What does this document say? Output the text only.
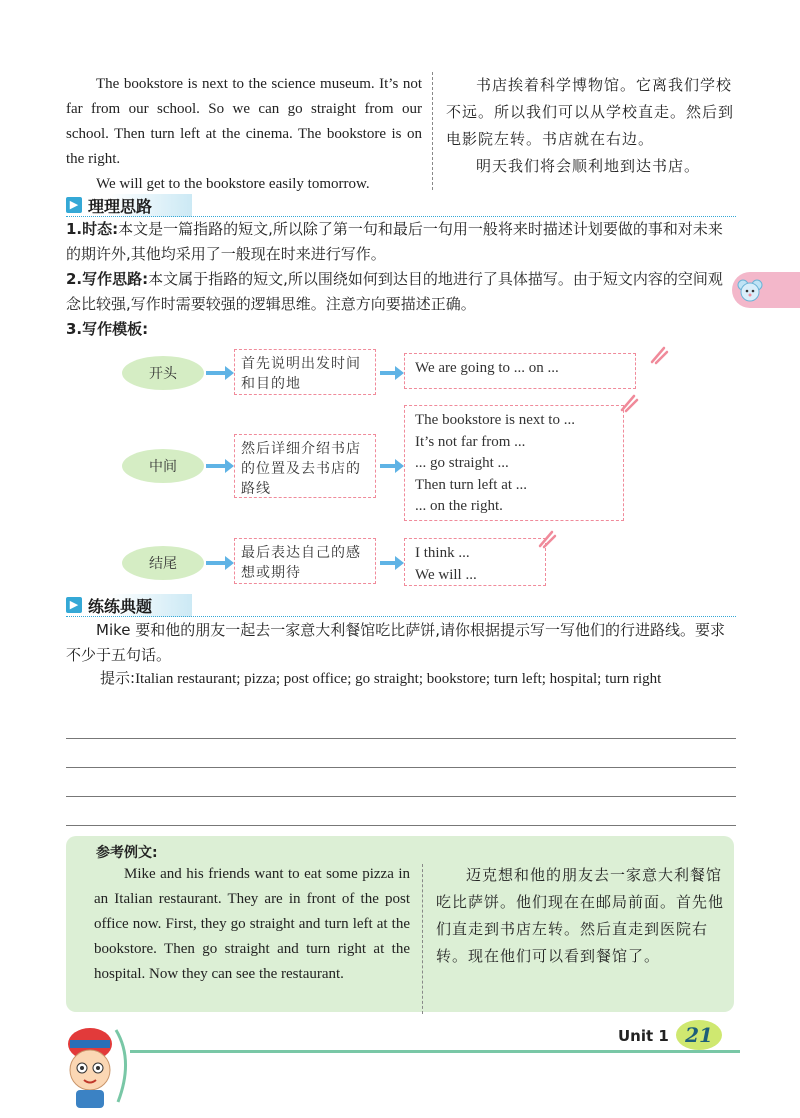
The bookstore is next to the science museum. It’s not far from our school. So we can go straight from our school. Then turn left at the cinema. The bookstore is on the right.

We will get to the bookstore easily tomorrow.

书店挨着科学博物馆。它离我们学校不远。所以我们可以从学校直走。然后到电影院左转。书店就在右边。

明天我们将会顺利地到达书店。

▶ 理理思路

1.时态:本文是一篇指路的短文,所以除了第一句和最后一句用一般将来时描述计划要做的事和对未来的期许外,其他均采用了一般现在时来进行写作。

2.写作思路:本文属于指路的短文,所以围绕如何到达目的地进行了具体描写。由于短文内容的空间观念比较强,写作时需要较强的逻辑思维。注意方向要描述正确。

3.写作模板:

开头
首先说明出发时间和目的地
We are going to ... on ...
中间
然后详细介绍书店的位置及去书店的路线
The bookstore is next to ...
It’s not far from ...
... go straight ...
Then turn left at ...
... on the right.
结尾
最后表达自己的感想或期待
I think ...
We will ...
▶ 练练典题

Mike 要和他的朋友一起去一家意大利餐馆吃比萨饼,请你根据提示写一写他们的行进路线。要求不少于五句话。

提示:Italian restaurant; pizza; post office; go straight; bookstore; turn left; hospital; turn right
参考例文:

Mike and his friends want to eat some pizza in an Italian restaurant. They are in front of the post office now. First, they go straight and turn left at the bookstore. Then go straight and turn right at the hospital. Now they can see the restaurant.

迈克想和他的朋友去一家意大利餐馆吃比萨饼。他们现在在邮局前面。首先他们直走到书店左转。然后直走到医院右转。现在他们可以看到餐馆了。

Unit 1 21
